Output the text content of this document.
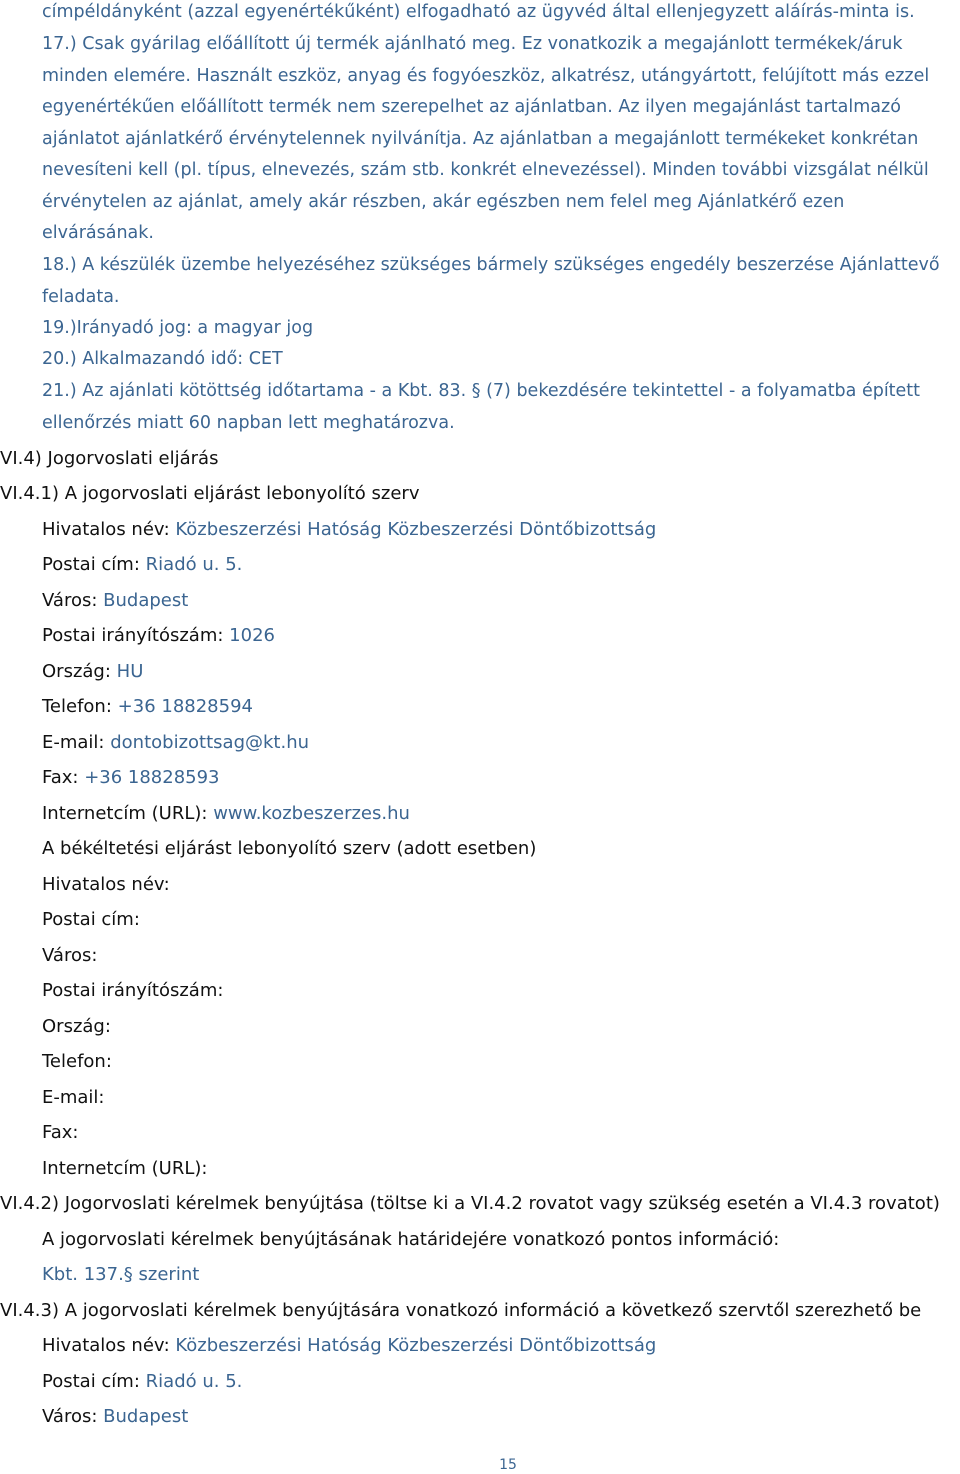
címpéldányként (azzal egyenértékűként) elfogadható az ügyvéd által ellenjegyzett aláírás-minta is.

17.) Csak gyárilag előállított új termék ajánlható meg. Ez vonatkozik a megajánlott termékek/áruk minden elemére. Használt eszköz, anyag és fogyóeszköz, alkatrész, utángyártott, felújított más ezzel egyenértékűen előállított termék nem szerepelhet az ajánlatban. Az ilyen megajánlást tartalmazó ajánlatot ajánlatkérő érvénytelennek nyilvánítja. Az ajánlatban a megajánlott termékeket konkrétan nevesíteni kell (pl. típus, elnevezés, szám stb. konkrét elnevezéssel). Minden további vizsgálat nélkül érvénytelen az ajánlat, amely akár részben, akár egészben nem felel meg Ajánlatkérő ezen elvárásának.

18.) A készülék üzembe helyezéséhez szükséges bármely szükséges engedély beszerzése Ajánlattevő feladata.

19.)Irányadó jog: a magyar jog

20.) Alkalmazandó idő: CET

21.) Az ajánlati kötöttség időtartama - a Kbt. 83. § (7) bekezdésére tekintettel - a folyamatba épített ellenőrzés miatt 60 napban lett meghatározva.

VI.4) Jogorvoslati eljárás
VI.4.1) A jogorvoslati eljárást lebonyolító szerv
Hivatalos név: Közbeszerzési Hatóság Közbeszerzési Döntőbizottság
Postai cím: Riadó u. 5.
Város: Budapest
Postai irányítószám: 1026
Ország: HU
Telefon: +36 18828594
E-mail: dontobizottsag@kt.hu
Fax: +36 18828593
Internetcím (URL): www.kozbeszerzes.hu
A békéltetési eljárást lebonyolító szerv (adott esetben)
Hivatalos név:
Postai cím:
Város:
Postai irányítószám:
Ország:
Telefon:
E-mail:
Fax:
Internetcím (URL):
VI.4.2) Jogorvoslati kérelmek benyújtása (töltse ki a VI.4.2 rovatot vagy szükség esetén a VI.4.3 rovatot)
A jogorvoslati kérelmek benyújtásának határidejére vonatkozó pontos információ:
Kbt. 137.§ szerint
VI.4.3) A jogorvoslati kérelmek benyújtására vonatkozó információ a következő szervtől szerezhető be
Hivatalos név: Közbeszerzési Hatóság Közbeszerzési Döntőbizottság
Postai cím: Riadó u. 5.
Város: Budapest
15
